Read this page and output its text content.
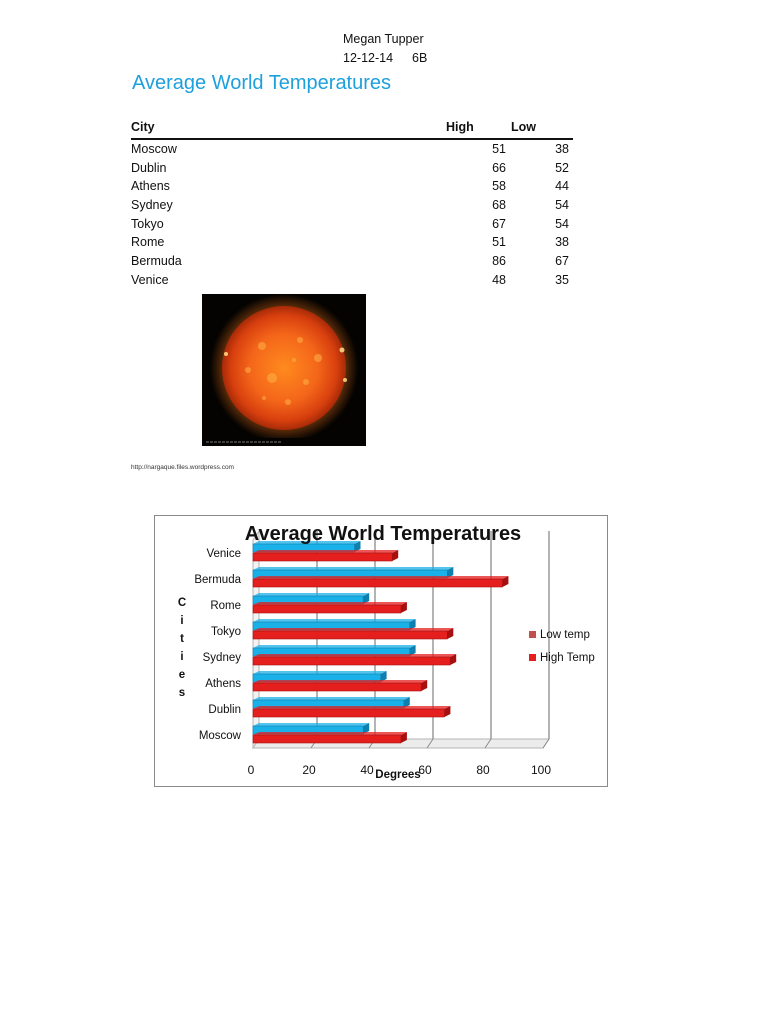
Megan Tupper
12-12-14 6B
Average World Temperatures
City	High	Low
Moscow	51	38
Dublin	66	52
Athens	58	44
Sydney	68	54
Tokyo	67	54
Rome	51	38
Bermuda	86	67
Venice	48	35
http://nargaque.files.wordpress.com
0	20	40	60	80	100
Moscow
Dublin
Athens
Sydney
Tokyo
Rome
Bermuda
Venice
Average World Temperatures
C
i
t
i
e
s
Degrees
Low temp
High Temp
